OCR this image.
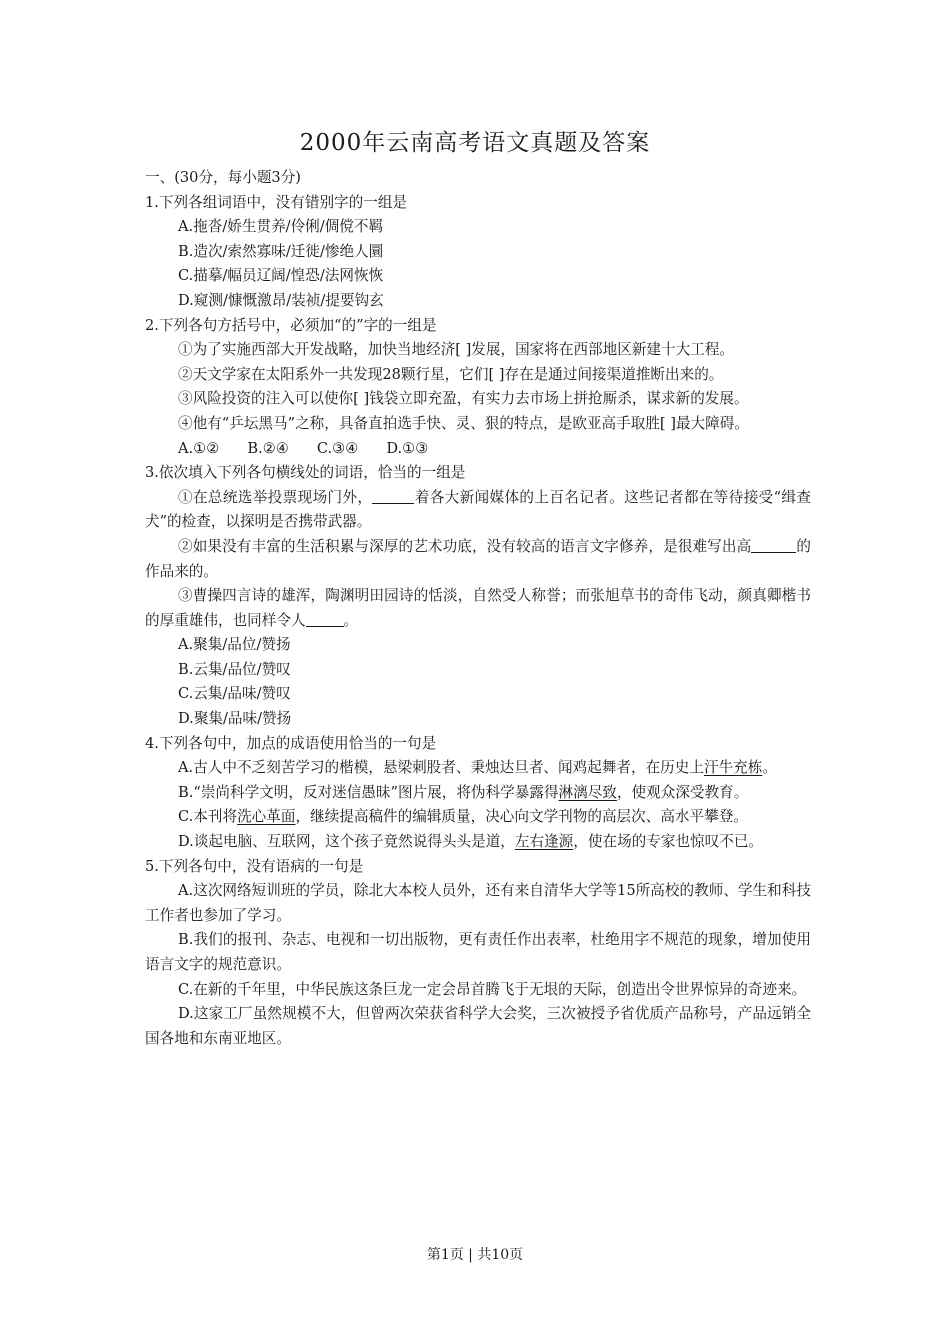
2000年云南高考语文真题及答案

一、(30分，每小题3分)

1.下列各组词语中，没有错别字的一组是

A.拖沓/娇生贯养/伶俐/倜傥不羁

B.造次/索然寡味/迁徙/惨绝人圜

C.描摹/幅员辽阔/惶恐/法网恢恢

D.窥测/慷慨激昂/装祯/提要钩玄

2.下列各句方括号中，必须加“的”字的一组是

①为了实施西部大开发战略，加快当地经济[ ]发展，国家将在西部地区新建十大工程。

②天文学家在太阳系外一共发现28颗行星，它们[ ]存在是通过间接渠道推断出来的。

③风险投资的注入可以使你[ ]钱袋立即充盈，有实力去市场上拼抢厮杀，谋求新的发展。

④他有“乒坛黑马”之称，具备直拍选手快、灵、狠的特点，是欧亚高手取胜[ ]最大障碍。

A.①② B.②④ C.③④ D.①③

3.依次填入下列各句横线处的词语，恰当的一组是

①在总统选举投票现场门外，	着各大新闻媒体的上百名记者。这些记者都在等待接受“缉查犬”的检查，以探明是否携带武器。

②如果没有丰富的生活积累与深厚的艺术功底，没有较高的语言文字修养，是很难写出高	的作品来的。

③曹操四言诗的雄浑，陶渊明田园诗的恬淡，自然受人称誉；而张旭草书的奇伟飞动，颜真卿楷书的厚重雄伟，也同样令人	。

A.聚集/品位/赞扬

B.云集/品位/赞叹

C.云集/品味/赞叹

D.聚集/品味/赞扬

4.下列各句中，加点的成语使用恰当的一句是

A.古人中不乏刻苦学习的楷模，悬梁刺股者、秉烛达旦者、闻鸡起舞者，在历史上汗牛充栋。

B.“崇尚科学文明，反对迷信愚昧”图片展，将伪科学暴露得淋漓尽致，使观众深受教育。

C.本刊将洗心革面，继续提高稿件的编辑质量，决心向文学刊物的高层次、高水平攀登。

D.谈起电脑、互联网，这个孩子竟然说得头头是道，左右逢源，使在场的专家也惊叹不已。

5.下列各句中，没有语病的一句是

A.这次网络短训班的学员，除北大本校人员外，还有来自清华大学等15所高校的教师、学生和科技工作者也参加了学习。

B.我们的报刊、杂志、电视和一切出版物，更有责任作出表率，杜绝用字不规范的现象，增加使用语言文字的规范意识。

C.在新的千年里，中华民族这条巨龙一定会昂首腾飞于无垠的天际，创造出令世界惊异的奇迹来。

D.这家工厂虽然规模不大，但曾两次荣获省科学大会奖，三次被授予省优质产品称号，产品远销全国各地和东南亚地区。

第1页 | 共10页
